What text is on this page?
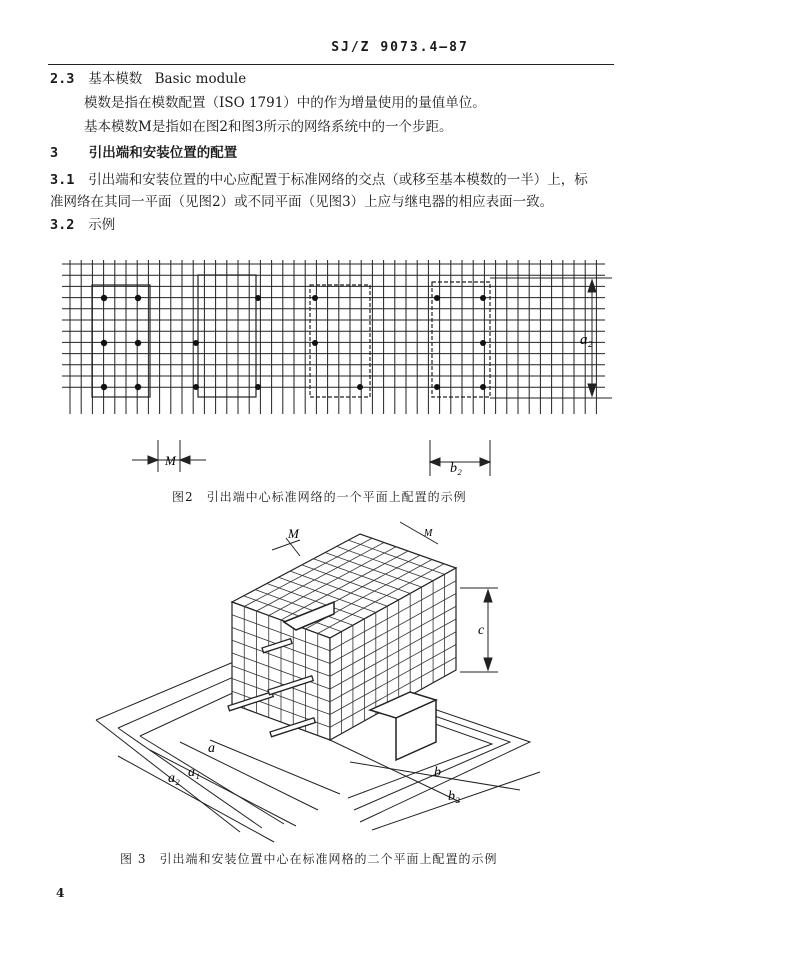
SJ/Z 9073.4—87
2.3 基本模数 Basic module
模数是指在模数配置（ISO 1791）中的作为增量使用的量值单位。
基本模数M是指如在图2和图3所示的网络系统中的一个步距。
3 引出端和安装位置的配置
3.1 引出端和安装位置的中心应配置于标准网络的交点（或移至基本模数的一半）上，标
准网络在其同一平面（见图2）或不同平面（见图3）上应与继电器的相应表面一致。
3.2 示例
a₂
M
b₂
图2　引出端中心标准网络的一个平面上配置的示例
M	M
c
a
a₁
a₂	b
b₂
图 3　引出端和安装位置中心在标准网格的二个平面上配置的示例
4
